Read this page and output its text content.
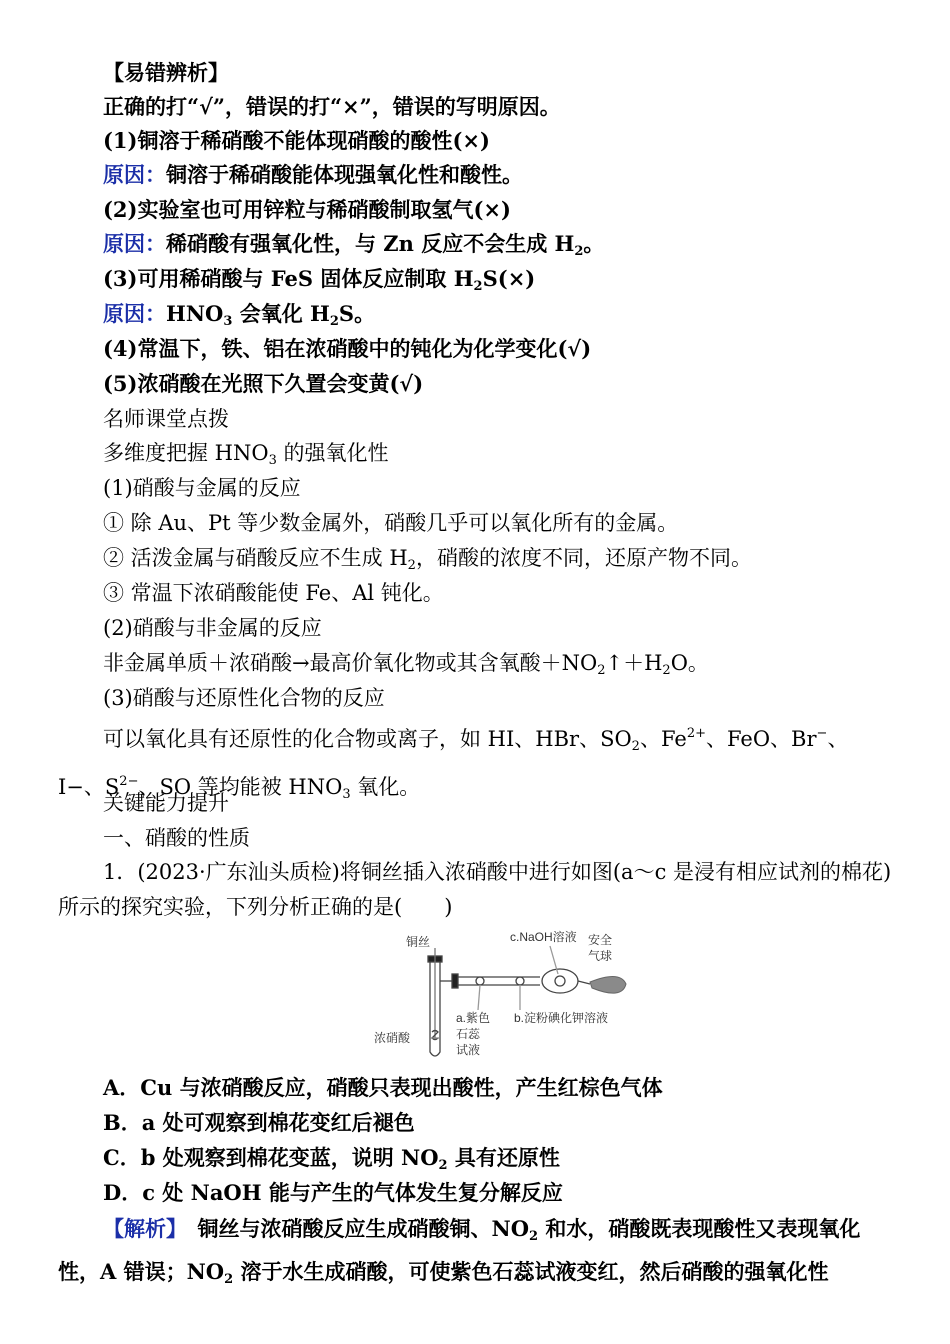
【易错辨析】
正确的打“√”，错误的打“×”，错误的写明原因。
(1)铜溶于稀硝酸不能体现硝酸的酸性(×)
原因：铜溶于稀硝酸能体现强氧化性和酸性。
(2)实验室也可用锌粒与稀硝酸制取氢气(×)
原因：稀硝酸有强氧化性，与 Zn 反应不会生成 $H_2$。
(3)可用稀硝酸与 FeS 固体反应制取 $H_2S(\times)$
原因：$HNO_3$ 会氧化 $H_2S$。
(4)常温下，铁、铝在浓硝酸中的钝化为化学变化(√)
(5)浓硝酸在光照下久置会变黄(√)
名师课堂点拨
多维度把握 $HNO_3$ 的强氧化性
(1)硝酸与金属的反应
① 除 Au、Pt 等少数金属外，硝酸几乎可以氧化所有的金属。
② 活泼金属与硝酸反应不生成 $H_2$，硝酸的浓度不同，还原产物不同。
③ 常温下浓硝酸能使 Fe、Al 钝化。
(2)硝酸与非金属的反应
非金属单质＋浓硝酸→最高价氧化物或其含氧酸$+NO_2↑+H_2O$。
(3)硝酸与还原性化合物的反应
可以氧化具有还原性的化合物或离子，如 HI、HBr、$SO_2$、$Fe^{2+}$、FeO、Br−、I−、$S^{2-}$、SO 等均能被 $HNO_3$ 氧化。
关键能力提升
一、硝酸的性质
1．(2023·广东汕头质检)将铜丝插入浓硝酸中进行如图(a～c 是浸有相应试剂的棉花)所示的探究实验，下列分析正确的是(　　)
铜丝	c.NaOH溶液 安全
气球
a.紫色
石蕊
试液
b.淀粉碘化钾溶液
浓硝酸
A．Cu 与浓硝酸反应，硝酸只表现出酸性，产生红棕色气体
B．a 处可观察到棉花变红后褪色
C．b 处观察到棉花变蓝，说明 $NO_2$ 具有还原性
D．c 处 NaOH 能与产生的气体发生复分解反应
【解析】　铜丝与浓硝酸反应生成硝酸铜、$NO_2$ 和水，硝酸既表现酸性又表现氧化性，A 错误；$NO_2$ 溶于水生成硝酸，可使紫色石蕊试液变红，然后硝酸的强氧化性
